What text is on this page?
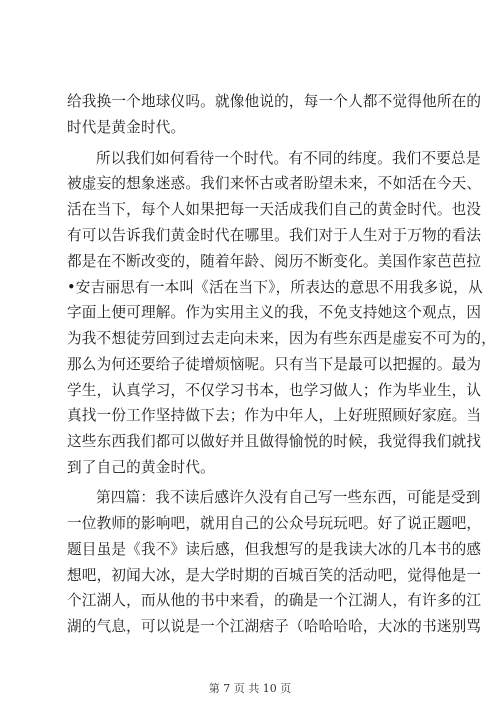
给我换一个地球仪吗。就像他说的，每一个人都不觉得他所在的
时代是黄金时代。
所以我们如何看待一个时代。有不同的纬度。我们不要总是
被虚妄的想象迷惑。我们来怀古或者盼望未来，不如活在今天、
活在当下，每个人如果把每一天活成我们自己的黄金时代。也没
有可以告诉我们黄金时代在哪里。我们对于人生对于万物的看法
都是在不断改变的，随着年龄、阅历不断变化。美国作家芭芭拉
•安吉丽思有一本叫《活在当下》，所表达的意思不用我多说，从
字面上便可理解。作为实用主义的我，不免支持她这个观点，因
为我不想徒劳回到过去走向未来，因为有些东西是虚妄不可为的，
那么为何还要给子徒增烦恼呢。只有当下是最可以把握的。最为
学生，认真学习，不仅学习书本，也学习做人；作为毕业生，认
真找一份工作坚持做下去；作为中年人，上好班照顾好家庭。当
这些东西我们都可以做好并且做得愉悦的时候，我觉得我们就找
到了自己的黄金时代。
第四篇：我不读后感许久没有自己写一些东西，可能是受到
一位教师的影响吧，就用自己的公众号玩玩吧。好了说正题吧，
题目虽是《我不》读后感，但我想写的是我读大冰的几本书的感
想吧，初闻大冰，是大学时期的百城百笑的活动吧，觉得他是一
个江湖人，而从他的书中来看，的确是一个江湖人，有许多的江
湖的气息，可以说是一个江湖痞子（哈哈哈哈，大冰的书迷别骂
第 7 页 共 10 页
